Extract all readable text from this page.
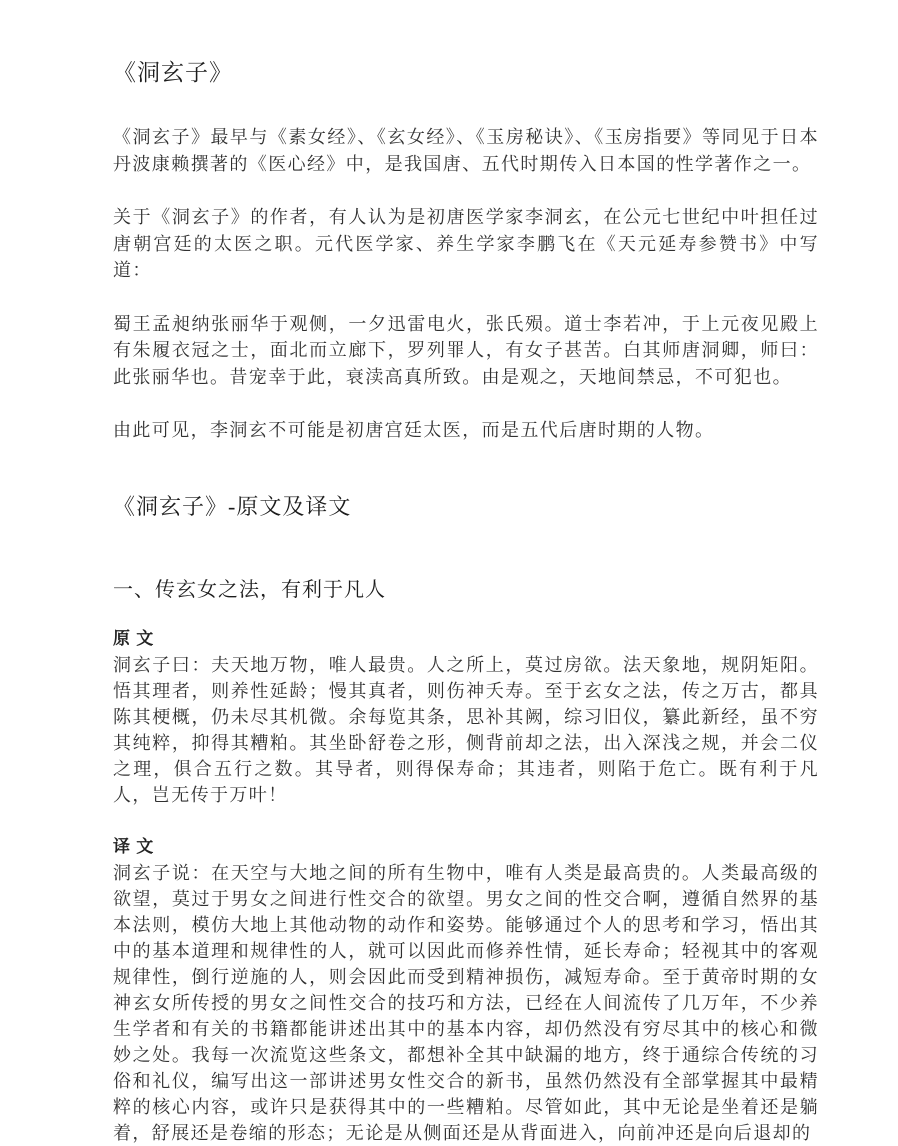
《洞玄子》

《洞玄子》最早与《素女经》、《玄女经》、《玉房秘诀》、《玉房指要》等同见于日本丹波康赖撰著的《医心经》中，是我国唐、五代时期传入日本国的性学著作之一。

关于《洞玄子》的作者，有人认为是初唐医学家李洞玄，在公元七世纪中叶担任过唐朝宫廷的太医之职。元代医学家、养生学家李鹏飞在《天元延寿参赞书》中写道：

蜀王孟昶纳张丽华于观侧，一夕迅雷电火，张氏殒。道士李若冲，于上元夜见殿上有朱履衣冠之士，面北而立廊下，罗列罪人，有女子甚苦。白其师唐洞卿，师曰：此张丽华也。昔宠幸于此，衰渎高真所致。由是观之，天地间禁忌，不可犯也。

由此可见，李洞玄不可能是初唐宫廷太医，而是五代后唐时期的人物。

《洞玄子》-原文及译文
一、传玄女之法，有利于凡人
原 文

洞玄子曰：夫天地万物，唯人最贵。人之所上，莫过房欲。法天象地，规阴矩阳。悟其理者，则养性延龄；慢其真者，则伤神夭寿。至于玄女之法，传之万古，都具陈其梗概，仍未尽其机微。余每览其条，思补其阙，综习旧仪，纂此新经，虽不穷其纯粹，抑得其糟粕。其坐卧舒卷之形，侧背前却之法，出入深浅之规，并会二仪之理，俱合五行之数。其导者，则得保寿命；其违者，则陷于危亡。既有利于凡人，岂无传于万叶！

译 文

洞玄子说：在天空与大地之间的所有生物中，唯有人类是最高贵的。人类最高级的欲望，莫过于男女之间进行性交合的欲望。男女之间的性交合啊，遵循自然界的基本法则，模仿大地上其他动物的动作和姿势。能够通过个人的思考和学习，悟出其中的基本道理和规律性的人，就可以因此而修养性情，延长寿命；轻视其中的客观规律性，倒行逆施的人，则会因此而受到精神损伤，减短寿命。至于黄帝时期的女神玄女所传授的男女之间性交合的技巧和方法，已经在人间流传了几万年，不少养生学者和有关的书籍都能讲述出其中的基本内容，却仍然没有穷尽其中的核心和微妙之处。我每一次流览这些条文，都想补全其中缺漏的地方，终于通综合传统的习俗和礼仪，编写出这一部讲述男女性交合的新书，虽然仍然没有全部掌握其中最精粹的核心内容，或许只是获得其中的一些糟粕。尽管如此，其中无论是坐着还是躺着，舒展还是卷缩的形态；无论是从侧面还是从背面进入，向前冲还是向后退却的
